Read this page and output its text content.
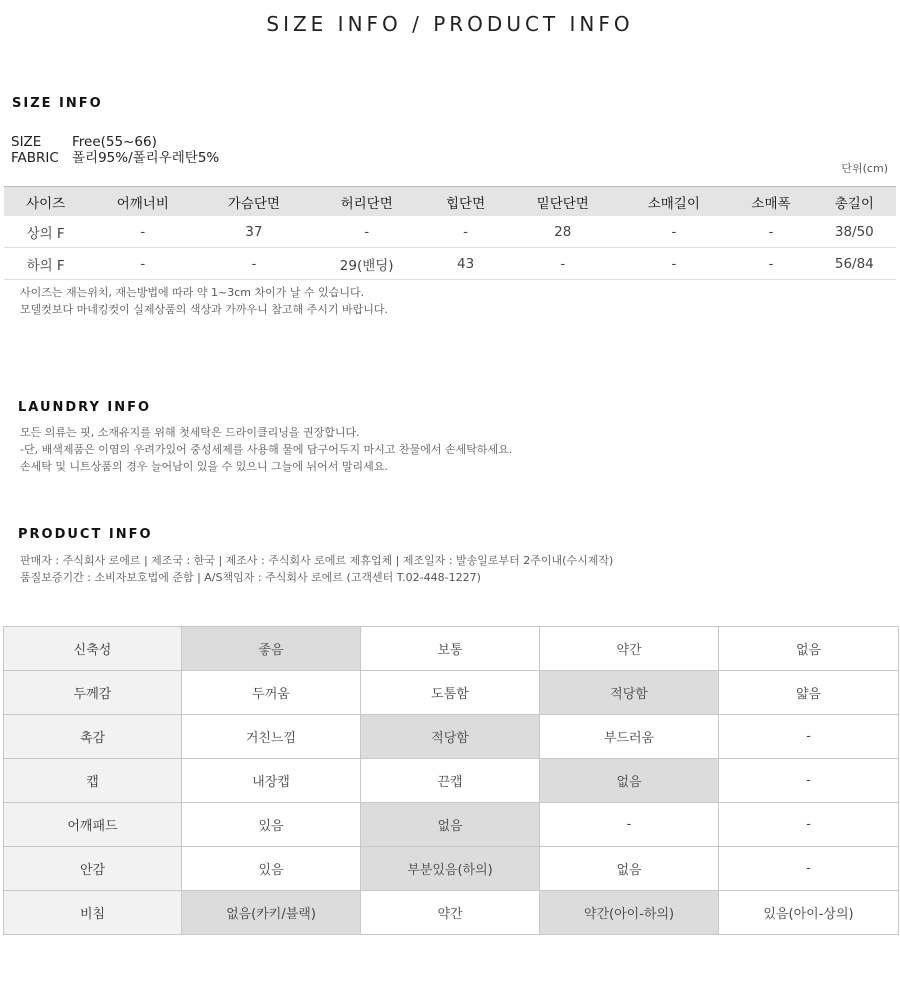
SIZE INFO / PRODUCT INFO
SIZE INFO
SIZE Free(55~66)
FABRIC 폴리95%/폴리우레탄5%
단위(cm)
사이즈	어깨너비	가슴단면	허리단면	힙단면	밑단단면	소매길이	소매폭	총길이
상의 F	-	37	-	-	28	-	-	38/50
하의 F	-	-	29(밴딩)	43	-	-	-	56/84
사이즈는 재는위치, 재는방법에 따라 약 1~3cm 차이가 날 수 있습니다.
모델컷보다 마네킹컷이 실제상품의 색상과 가까우니 참고해 주시기 바랍니다.
LAUNDRY INFO
모든 의류는 핏, 소재유지를 위해 첫세탁은 드라이클리닝을 권장합니다.
-단, 배색제품은 이염의 우려가있어 중성세제를 사용해 물에 담구어두지 마시고 찬물에서 손세탁하세요.
손세탁 및 니트상품의 경우 늘어남이 있을 수 있으니 그늘에 뉘어서 말리세요.
PRODUCT INFO
판매자 : 주식회사 로에르 | 제조국 : 한국 | 제조사 : 주식회사 로에르 제휴업체 | 제조일자 : 발송일로부터 2주이내(수시제작)
품질보증기간 : 소비자보호법에 준함 | A/S책임자 : 주식회사 로에르 (고객센터 T.02-448-1227)
신축성	좋음	보통	약간	없음
두께감	두꺼움	도톰함	적당함	얇음
촉감	거친느낌	적당함	부드러움	-
캡	내장캡	끈캡	없음	-
어깨패드	있음	없음	-	-
안감	있음	부분있음(하의)	없음	-
비침	없음(카키/블랙)	약간	약간(아이-하의)	있음(아이-상의)
